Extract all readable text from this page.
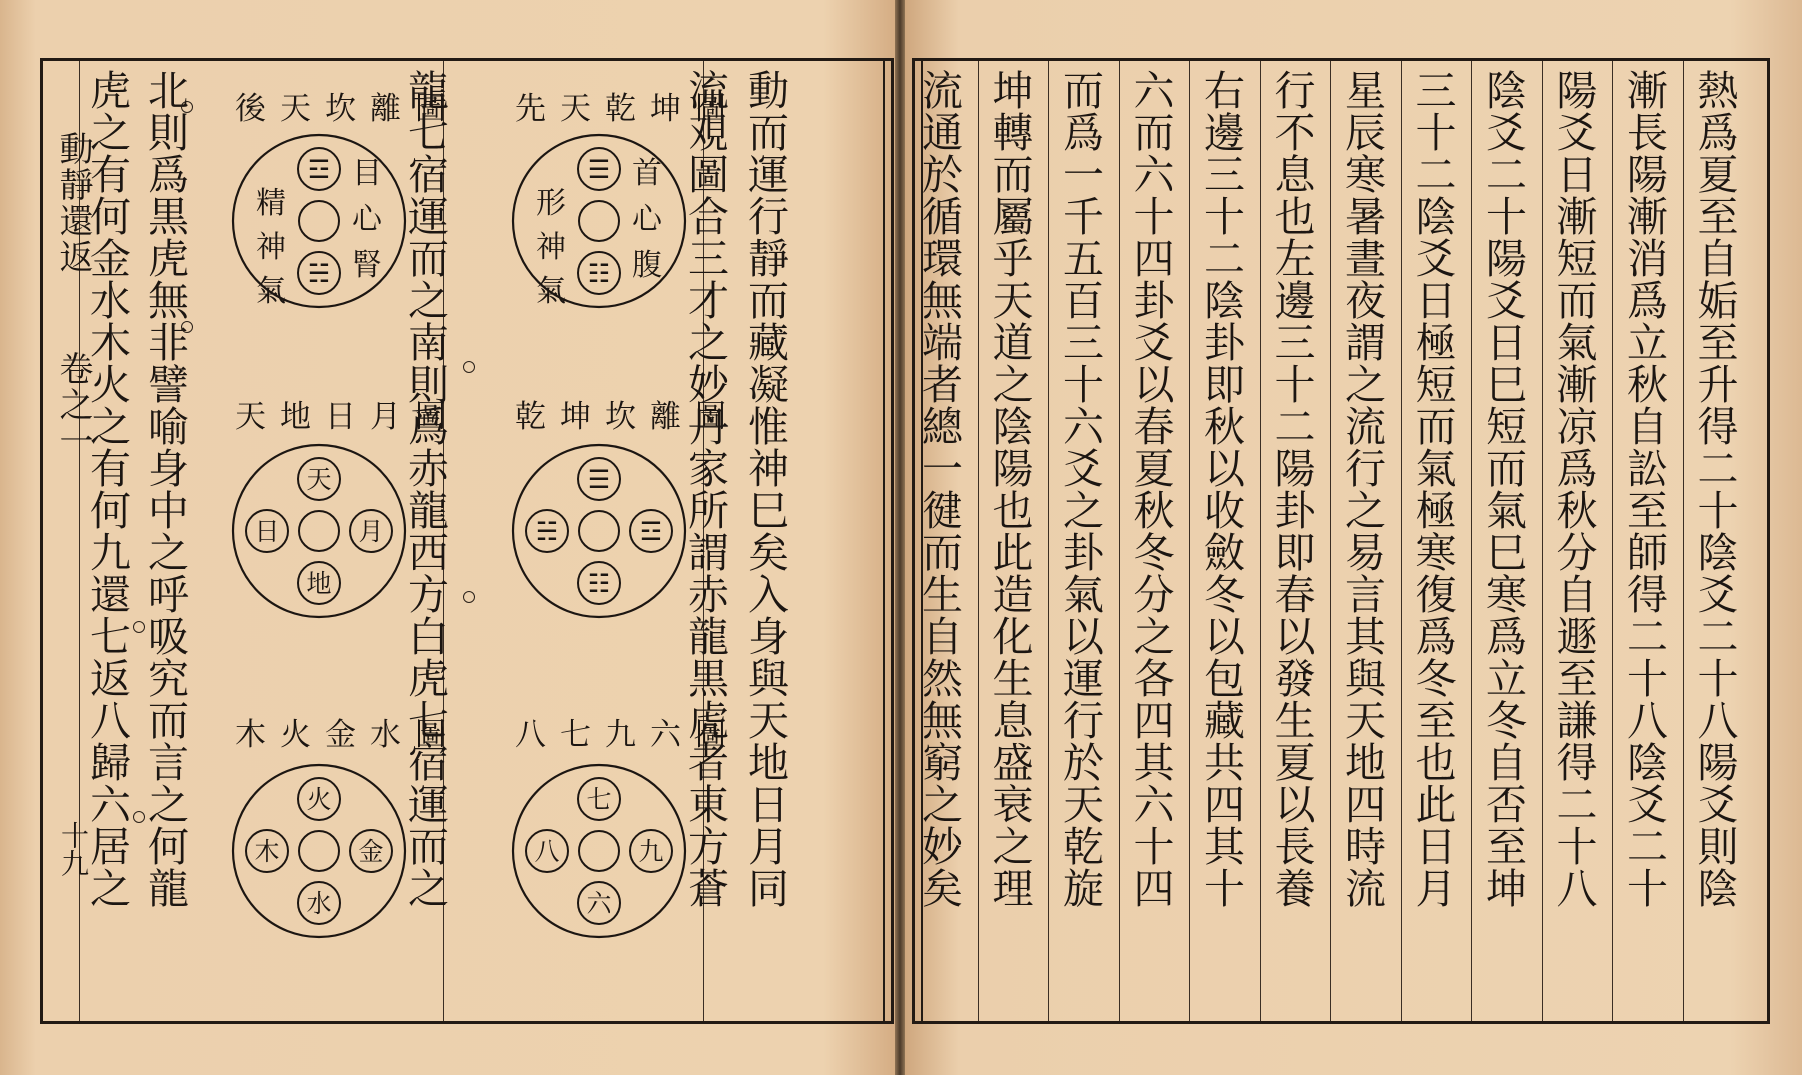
動靜還返
卷之一
十九
虎之有何金水木火之有何九還七返八歸六居之 北則爲黒虎無非譬喻身中之呼吸究而言之何龍	龍七宿運而之南則爲赤龍西方白虎七宿運而之	流覌圖合三才之妙丹家所謂赤龍黒虎者東方蒼 動而運行靜而藏凝惟神巳矣入身與天地日月同
先天乾坤圖
後天坎離圖
乾坤坎離圖
天地日月圖
八七九六圖
木火金水圖
☰
☷
首
心
腹
形
神
氣
☲
☵
目
心
腎
精
神
氣
☰
☷
☵	☲
天
地
日	月
七
六
八	九
火
水
木	金	熱爲夏至自姤至升得二十陰爻二十八陽爻則陰
漸長陽漸消爲立秋自訟至師得二十八陰爻二十
陽爻日漸短而氣漸凉爲秋分自遯至謙得二十八
陰爻二十陽爻日巳短而氣巳寒爲立冬自否至坤
三十二陰爻日極短而氣極寒復爲冬至也此日月
星辰寒暑晝夜謂之流行之易言其與天地四時流
行不息也左邊三十二陽卦即春以發生夏以長養
右邊三十二陰卦即秋以收斂冬以包藏共四其十
六而六十四卦爻以春夏秋冬分之各四其六十四
而爲一千五百三十六爻之卦氣以運行於天乾旋
坤轉而屬乎天道之陰陽也此造化生息盛衰之理
流通於循環無端者總一徤而生自然無窮之妙矣
